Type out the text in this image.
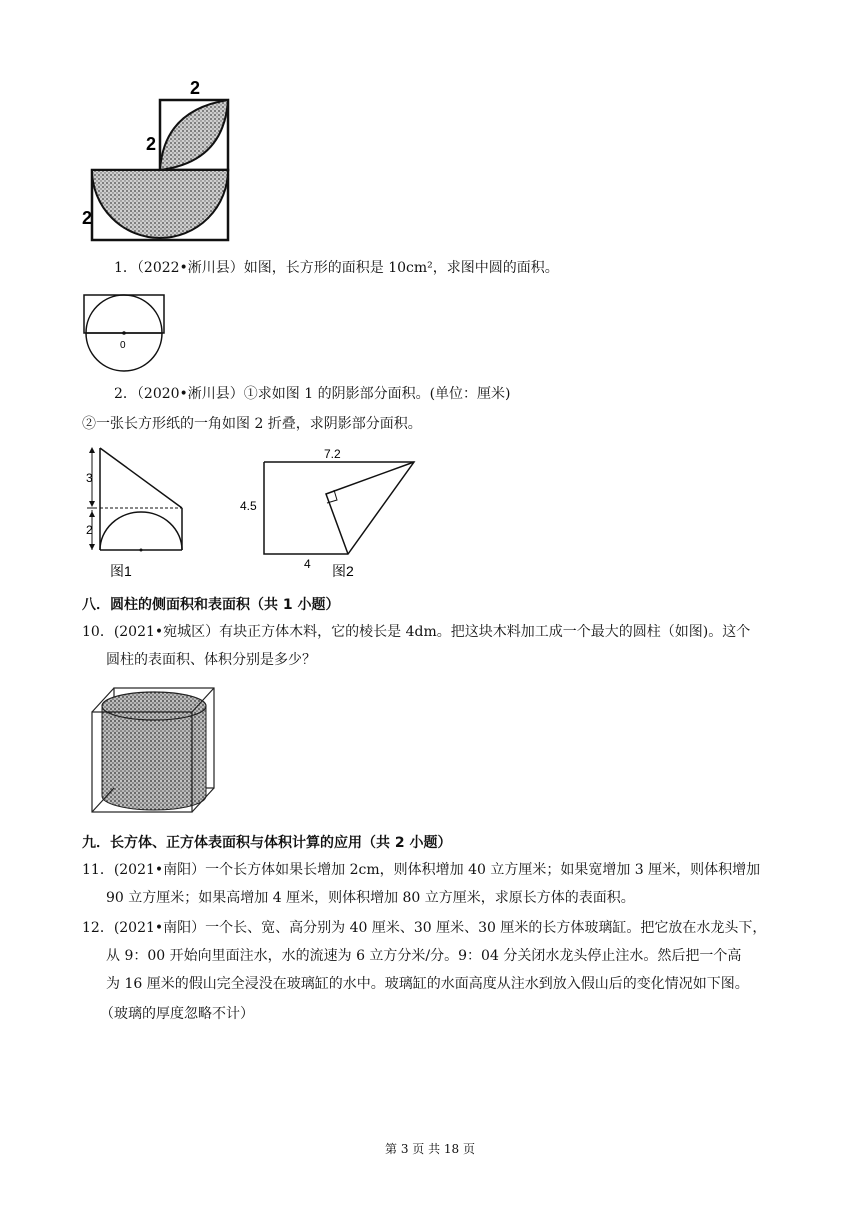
2
2
2
1．（2022•淅川县）如图，长方形的面积是 10cm²，求图中圆的面积。
0
2．（2020•淅川县）①求如图 1 的阴影部分面积。(单位：厘米)
②一张长方形纸的一角如图 2 折叠，求阴影部分面积。
3
2
图1
7.2
4.5
4 图2
八．圆柱的侧面积和表面积（共 1 小题）
10．(2021•宛城区）有块正方体木料，它的棱长是 4dm。把这块木料加工成一个最大的圆柱（如图)。这个
圆柱的表面积、体积分别是多少？
九．长方体、正方体表面积与体积计算的应用（共 2 小题）
11．(2021•南阳）一个长方体如果长增加 2cm，则体积增加 40 立方厘米；如果宽增加 3 厘米，则体积增加
90 立方厘米；如果高增加 4 厘米，则体积增加 80 立方厘米，求原长方体的表面积。
12．(2021•南阳）一个长、宽、高分别为 40 厘米、30 厘米、30 厘米的长方体玻璃缸。把它放在水龙头下，
从 9：00 开始向里面注水，水的流速为 6 立方分米/分。9：04 分关闭水龙头停止注水。然后把一个高
为 16 厘米的假山完全浸没在玻璃缸的水中。玻璃缸的水面高度从注水到放入假山后的变化情况如下图。
（玻璃的厚度忽略不计）
第 3 页 共 18 页
